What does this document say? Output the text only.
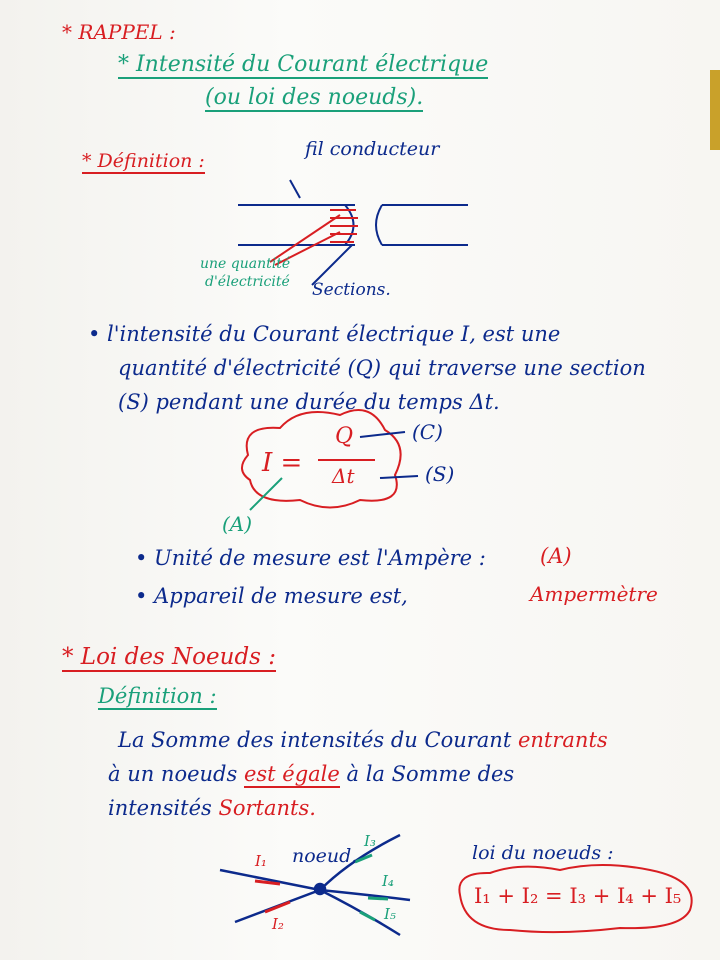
* RAPPEL :
* Intensité du Courant électrique
(ou loi des noeuds).
* Définition :
fil conducteur
une quantité
d'électricité Sections.
• l'intensité du Courant électrique I, est une
quantité d'électricité (Q) qui traverse une section
(S) pendant une durée du temps Δt.
I =
Q
Δt
(C)
(S)
(A)
• Unité de mesure est l'Ampère :	(A)
• Appareil de mesure est,	Ampermètre
* Loi des Noeuds :
Définition :
La Somme des intensités du Courant entrants
à un noeuds est égale à la Somme des
intensités Sortants.
noeud.
I₁
I₂
I₃
I₄
I₅
loi du noeuds :
I₁ + I₂ = I₃ + I₄ + I₅
